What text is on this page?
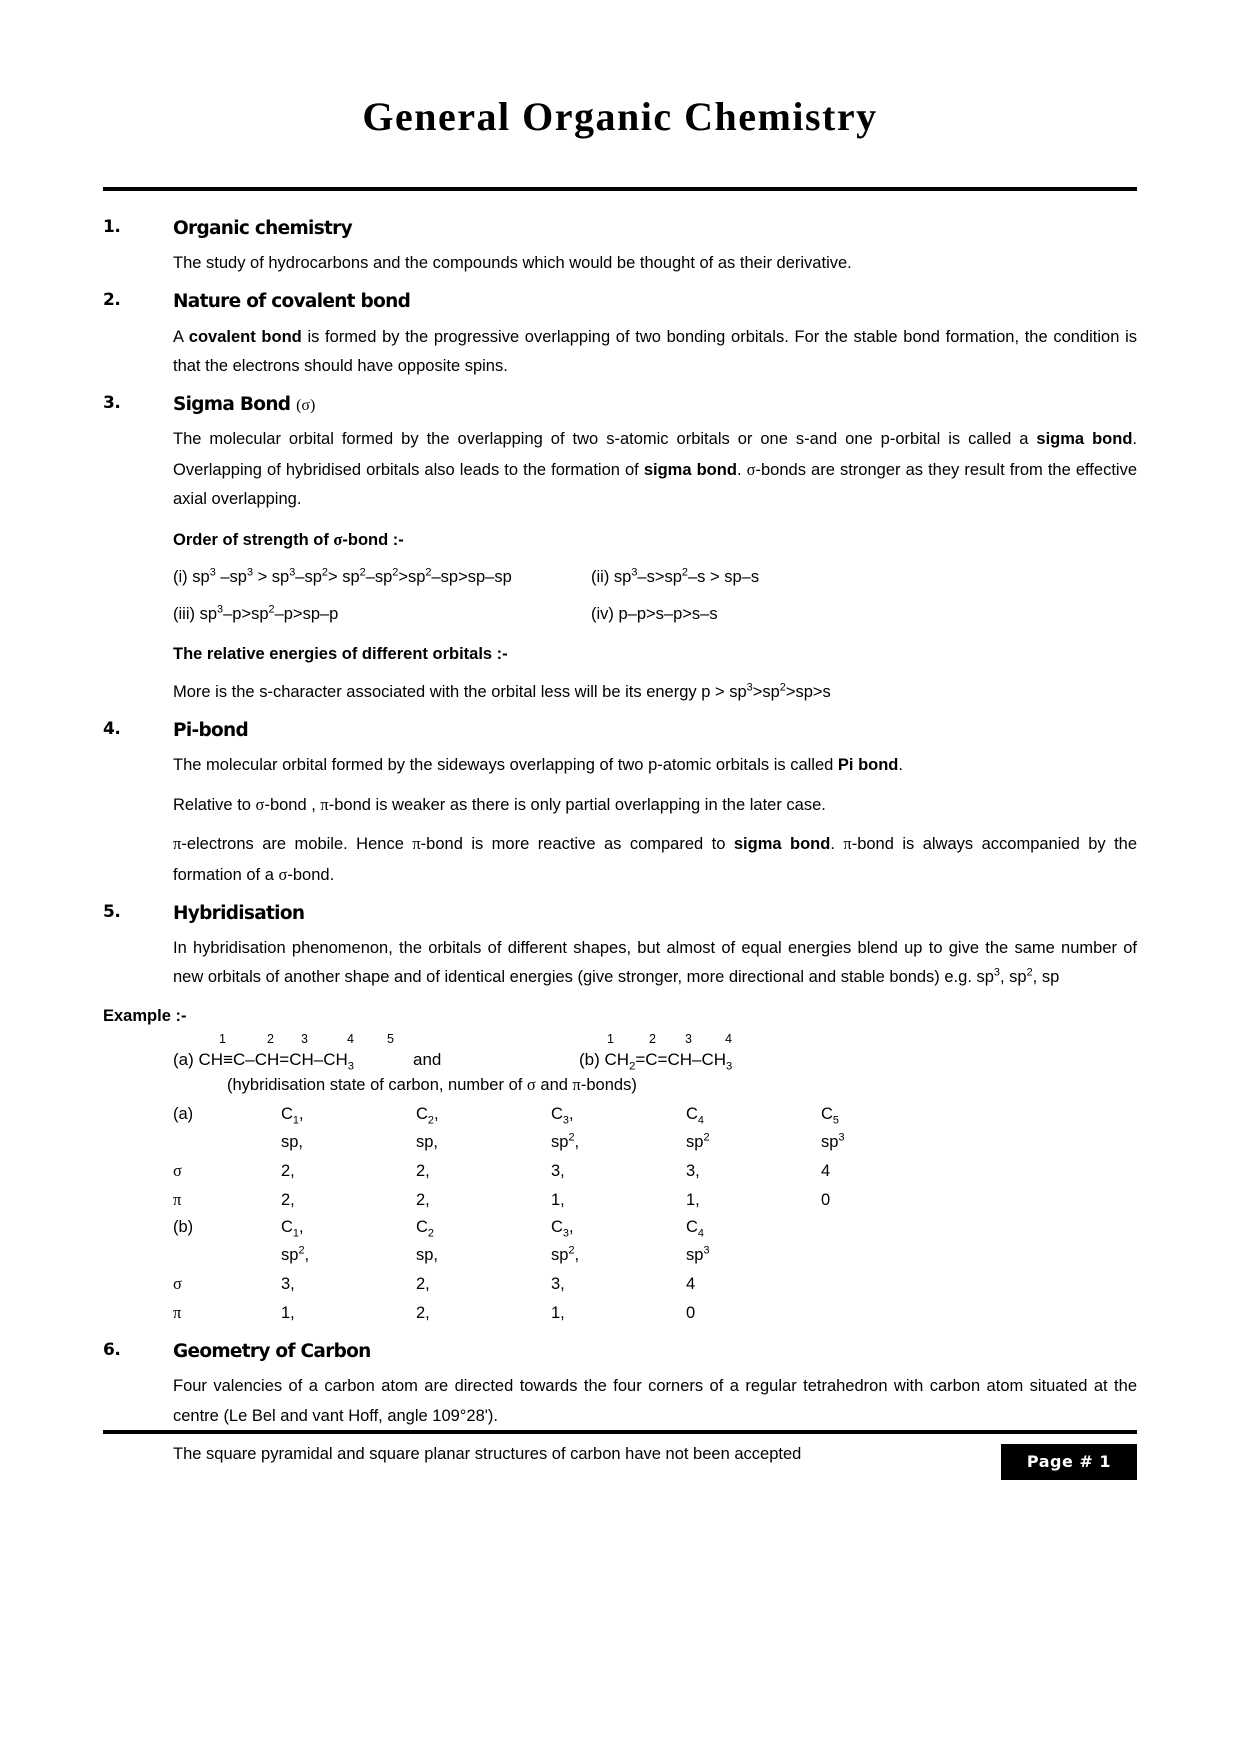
General Organic Chemistry
1.	Organic chemistry
The study of hydrocarbons and the compounds which would be thought of as their derivative.
2.	Nature of covalent bond
A covalent bond is formed by the progressive overlapping of two bonding orbitals. For the stable bond formation, the condition is that the electrons should have opposite spins.
3.	Sigma Bond (σ)
The molecular orbital formed by the overlapping of two s-atomic orbitals or one s-and one p-orbital is called a sigma bond. Overlapping of hybridised orbitals also leads to the formation of sigma bond. σ-bonds are stronger as they result from the effective axial overlapping.
Order of strength of σ-bond :-
(i) $sp^3$ $-sp^3 > sp^3-sp^2> sp^2-sp^2>sp^2-sp>sp-sp$	(ii) $sp^3-s>sp^2-s > sp-s$
(iii) $sp^3-p>sp^2-p>sp-p$	(iv) p–p>s–p>s–s
The relative energies of different orbitals :-
More is the s-character associated with the orbital less will be its energy $p > sp^3>sp^2>sp>s$
4.	Pi-bond
The molecular orbital formed by the sideways overlapping of two p-atomic orbitals is called Pi bond.
Relative to σ-bond , π-bond is weaker as there is only partial overlapping in the later case.
π-electrons are mobile. Hence π-bond is more reactive as compared to sigma bond. π-bond is always accompanied by the formation of a σ-bond.
5.	Hybridisation
In hybridisation phenomenon, the orbitals of different shapes, but almost of equal energies blend up to give the same number of new orbitals of another shape and of identical energies (give stronger, more directional and stable bonds) e.g. $sp^3$, $sp^2$, sp
Example :-
1	2 3	4	5	1	2 3	4
(a) $CH\equiv C-CH=CH-CH_3$	and	(b) $CH_2=C=CH-CH_3$
(hybridisation state of carbon, number of σ and π-bonds)
(a)	$C_1$,	$C_2$,	$C_3$,	$C_4$	$C_5$
	sp,	sp,	$sp^2$,	$sp^2$	$sp^3$
σ	2,	2,	3,	3,	4
π	2,	2,	1,	1,	0
(b)	$C_1$,	$C_2$	$C_3$,	$C_4$	
	$sp^2$,	sp,	$sp^2$,	$sp^3$	
σ	3,	2,	3,	4	
π	1,	2,	1,	0	
6.	Geometry of Carbon
Four valencies of a carbon atom are directed towards the four corners of a regular tetrahedron with carbon atom situated at the centre (Le Bel and vant Hoff, angle 109°28').
The square pyramidal and square planar structures of carbon have not been accepted	Page # 1
